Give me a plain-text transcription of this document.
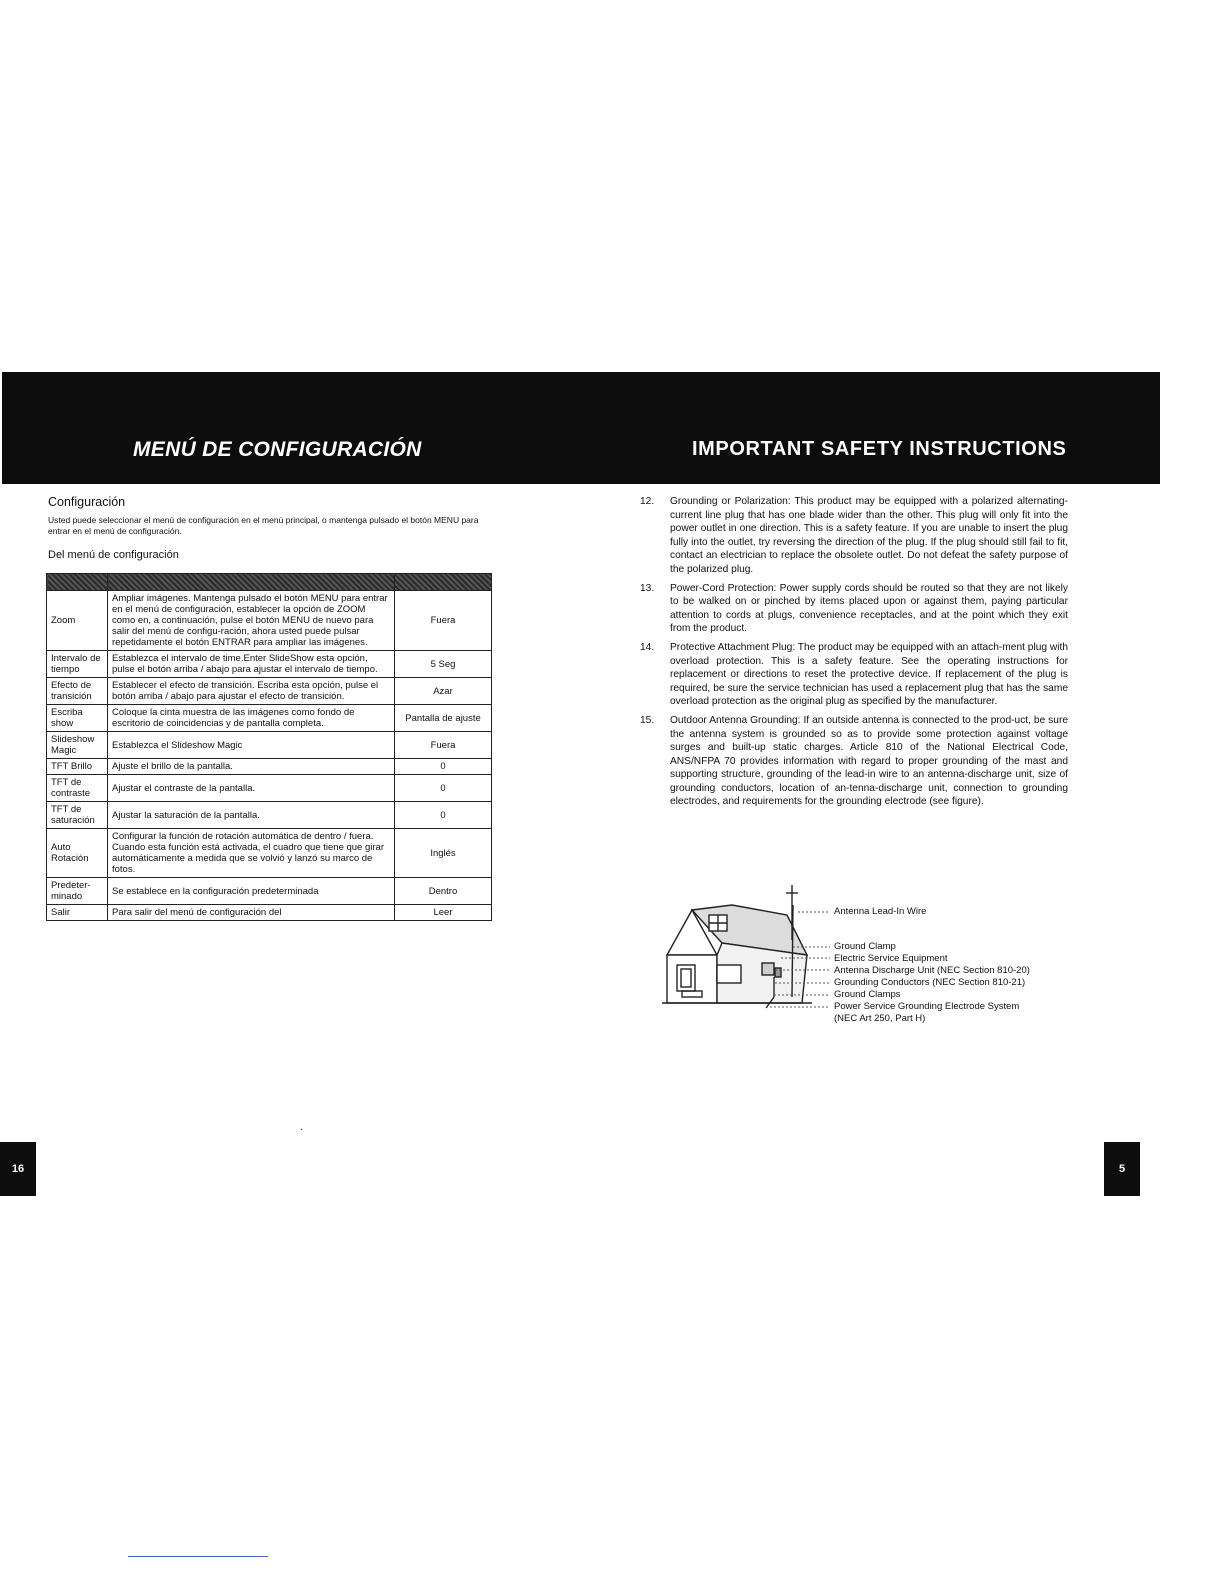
MENÚ DE CONFIGURACIÓN	IMPORTANT SAFETY INSTRUCTIONS
Configuración
Usted puede seleccionar el menú de configuración en el menú principal, o mantenga pulsado el botón MENU para entrar en el menú de configuración.
Del menú de configuración

Zoom	Ampliar imágenes. Mantenga pulsado el botón MENU para entrar en el menú de configuración, establecer la opción de ZOOM como en, a continuación, pulse el botón MENU de nuevo para salir del menú de configu-ración, ahora usted puede pulsar repetidamente el botón ENTRAR para ampliar las imágenes.	Fuera
Intervalo de tiempo	Establezca el intervalo de time.Enter SlideShow esta opción, pulse el botón arriba / abajo para ajustar el intervalo de tiempo.	5 Seg
Efecto de transición	Establecer el efecto de transición. Escriba esta opción, pulse el botón arriba / abajo para ajustar el efecto de transición.	Azar
Escriba show	Coloque la cinta muestra de las imágenes como fondo de escritorio de coincidencias y de pantalla completa.	Pantalla de ajuste
Slideshow Magic	Establezca el Slideshow Magic	Fuera
TFT Brillo	Ajuste el brillo de la pantalla.	0
TFT de contraste	Ajustar el contraste de la pantalla.	0
TFT de saturación	Ajustar la saturación de la pantalla.	0
Auto Rotación	Configurar la función de rotación automática de dentro / fuera. Cuando esta función está activada, el cuadro que tiene que girar automáticamente a medida que se volvió y lanzó su marco de fotos.	Inglés
Predeter-minado	Se establece en la configuración predeterminada	Dentro
Salir	Para salir del menú de configuración del	Leer
12. Grounding or Polarization: This product may be equipped with a polarized alternating-current line plug that has one blade wider than the other. This plug will only fit into the power outlet in one direction. This is a safety feature. If you are unable to insert the plug fully into the outlet, try reversing the direction of the plug. If the plug should still fail to fit, contact an electrician to replace the obsolete outlet. Do not defeat the safety purpose of the polarized plug.
13. Power-Cord Protection: Power supply cords should be routed so that they are not likely to be walked on or pinched by items placed upon or against them, paying particular attention to cords at plugs, convenience receptacles, and at the point which they exit from the product.
14. Protective Attachment Plug: The product may be equipped with an attach-ment plug with overload protection. This is a safety feature. See the operating instructions for replacement or directions to reset the protective device. If replacement of the plug is required, be sure the service technician has used a replacement plug that has the same overload protection as the original plug as specified by the manufacturer.
15. Outdoor Antenna Grounding: If an outside antenna is connected to the prod-uct, be sure the antenna system is grounded so as to provide some protection against voltage surges and built-up static charges. Article 810 of the National Electrical Code, ANS/NFPA 70 provides information with regard to proper grounding of the mast and supporting structure, grounding of the lead-in wire to an antenna-discharge unit, size of grounding conductors, location of an-tenna-discharge unit, connection to grounding electrodes, and requirements for the grounding electrode (see figure).
Antenna Lead-In Wire
Ground Clamp
Electric Service Equipment
Antenna Discharge Unit (NEC Section 810-20)
Grounding Conductors (NEC Section 810-21)
Ground Clamps
Power Service Grounding Electrode System
(NEC Art 250, Part H)
16	5
·
